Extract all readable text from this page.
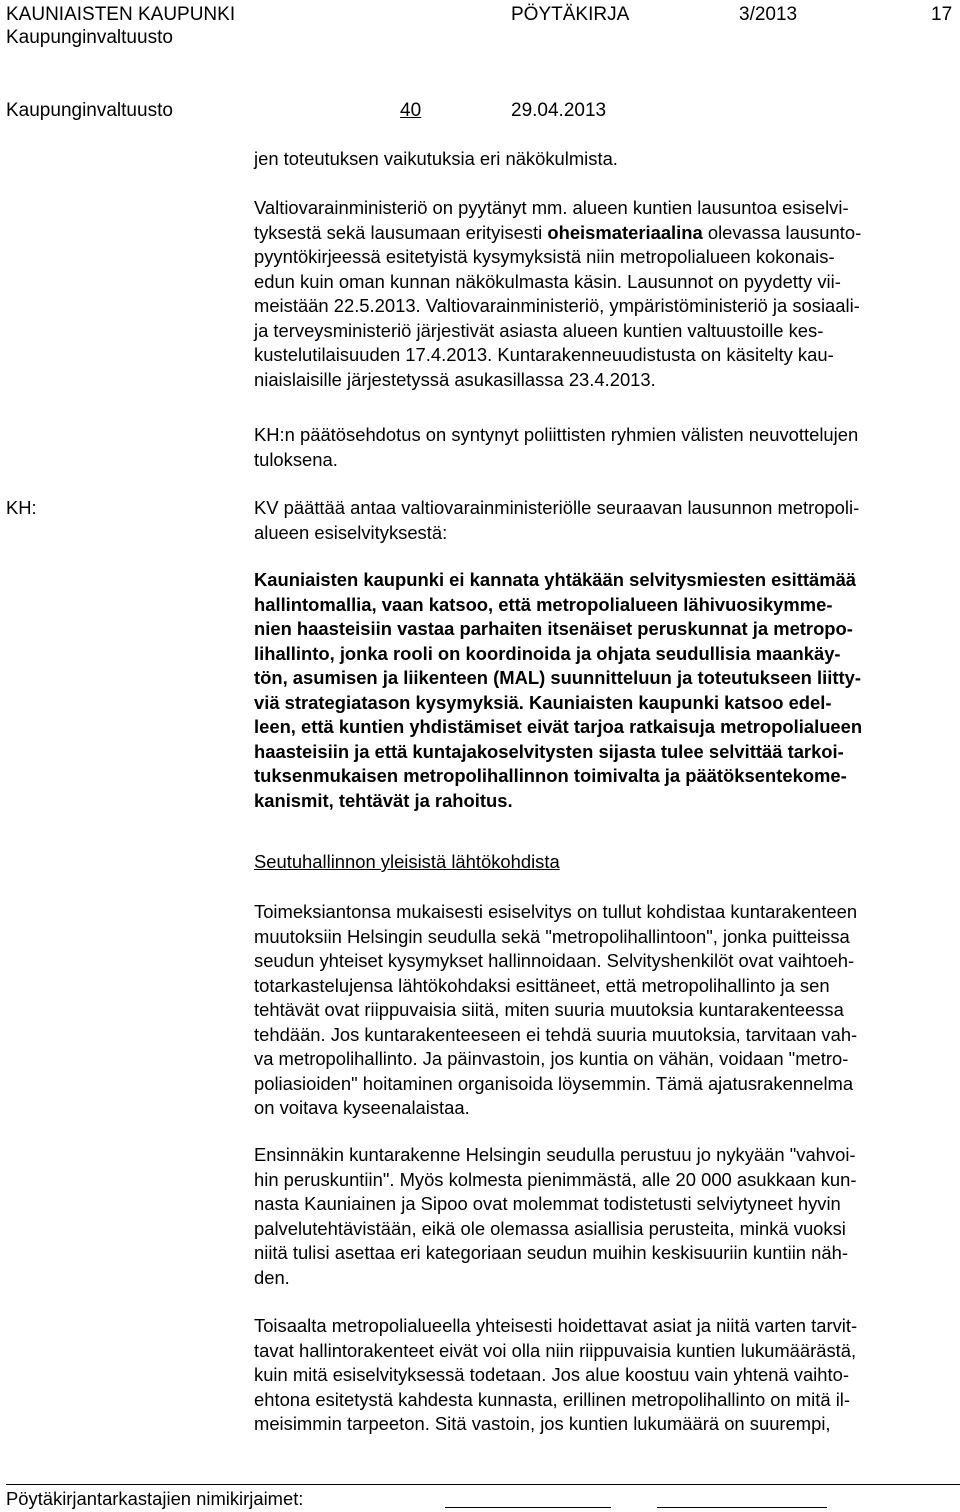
KAUNIAISTEN KAUPUNKI	PÖYTÄKIRJA	3/2013	17
Kaupunginvaltuusto
Kaupunginvaltuusto	40	29.04.2013
jen toteutuksen vaikutuksia eri näkökulmista.
Valtiovarainministeriö on pyytänyt mm. alueen kuntien lausuntoa esiselvi-
tyksestä sekä lausumaan erityisesti oheismateriaalina olevassa lausunto-
pyyntökirjeessä esitetyistä kysymyksistä niin metropolialueen kokonais-
edun kuin oman kunnan näkökulmasta käsin. Lausunnot on pyydetty vii-
meistään 22.5.2013. Valtiovarainministeriö, ympäristöministeriö ja sosiaali-
ja terveysministeriö järjestivät asiasta alueen kuntien valtuustoille kes-
kustelutilaisuuden 17.4.2013. Kuntarakenneuudistusta on käsitelty kau-
niaislaisille järjestetyssä asukasillassa 23.4.2013.
KH:n päätösehdotus on syntynyt poliittisten ryhmien välisten neuvottelujen
tuloksena.
KH:	KV päättää antaa valtiovarainministeriölle seuraavan lausunnon metropoli-
alueen esiselvityksestä:
Kauniaisten kaupunki ei kannata yhtäkään selvitysmiesten esittämää
hallintomallia, vaan katsoo, että metropolialueen lähivuosikymme-
nien haasteisiin vastaa parhaiten itsenäiset peruskunnat ja metropo-
lihallinto, jonka rooli on koordinoida ja ohjata seudullisia maankäy-
tön, asumisen ja liikenteen (MAL) suunnitteluun ja toteutukseen liitty-
viä strategiatason kysymyksiä. Kauniaisten kaupunki katsoo edel-
leen, että kuntien yhdistämiset eivät tarjoa ratkaisuja metropolialueen
haasteisiin ja että kuntajakoselvitysten sijasta tulee selvittää tarkoi-
tuksenmukaisen metropolihallinnon toimivalta ja päätöksentekome-
kanismit, tehtävät ja rahoitus.
Seutuhallinnon yleisistä lähtökohdista
Toimeksiantonsa mukaisesti esiselvitys on tullut kohdistaa kuntarakenteen
muutoksiin Helsingin seudulla sekä "metropolihallintoon", jonka puitteissa
seudun yhteiset kysymykset hallinnoidaan. Selvityshenkilöt ovat vaihtoeh-
totarkastelujensa lähtökohdaksi esittäneet, että metropolihallinto ja sen
tehtävät ovat riippuvaisia siitä, miten suuria muutoksia kuntarakenteessa
tehdään. Jos kuntarakenteeseen ei tehdä suuria muutoksia, tarvitaan vah-
va metropolihallinto. Ja päinvastoin, jos kuntia on vähän, voidaan "metro-
poliasioiden" hoitaminen organisoida löysemmin. Tämä ajatusrakennelma
on voitava kyseenalaistaa.
Ensinnäkin kuntarakenne Helsingin seudulla perustuu jo nykyään "vahvoi-
hin peruskuntiin". Myös kolmesta pienimmästä, alle 20 000 asukkaan kun-
nasta Kauniainen ja Sipoo ovat molemmat todistetusti selviytyneet hyvin
palvelutehtävistään, eikä ole olemassa asiallisia perusteita, minkä vuoksi
niitä tulisi asettaa eri kategoriaan seudun muihin keskisuuriin kuntiin näh-
den.
Toisaalta metropolialueella yhteisesti hoidettavat asiat ja niitä varten tarvit-
tavat hallintorakenteet eivät voi olla niin riippuvaisia kuntien lukumäärästä,
kuin mitä esiselvityksessä todetaan. Jos alue koostuu vain yhtenä vaihto-
ehtona esitetystä kahdesta kunnasta, erillinen metropolihallinto on mitä il-
meisimmin tarpeeton. Sitä vastoin, jos kuntien lukumäärä on suurempi,
Pöytäkirjantarkastajien nimikirjaimet:
